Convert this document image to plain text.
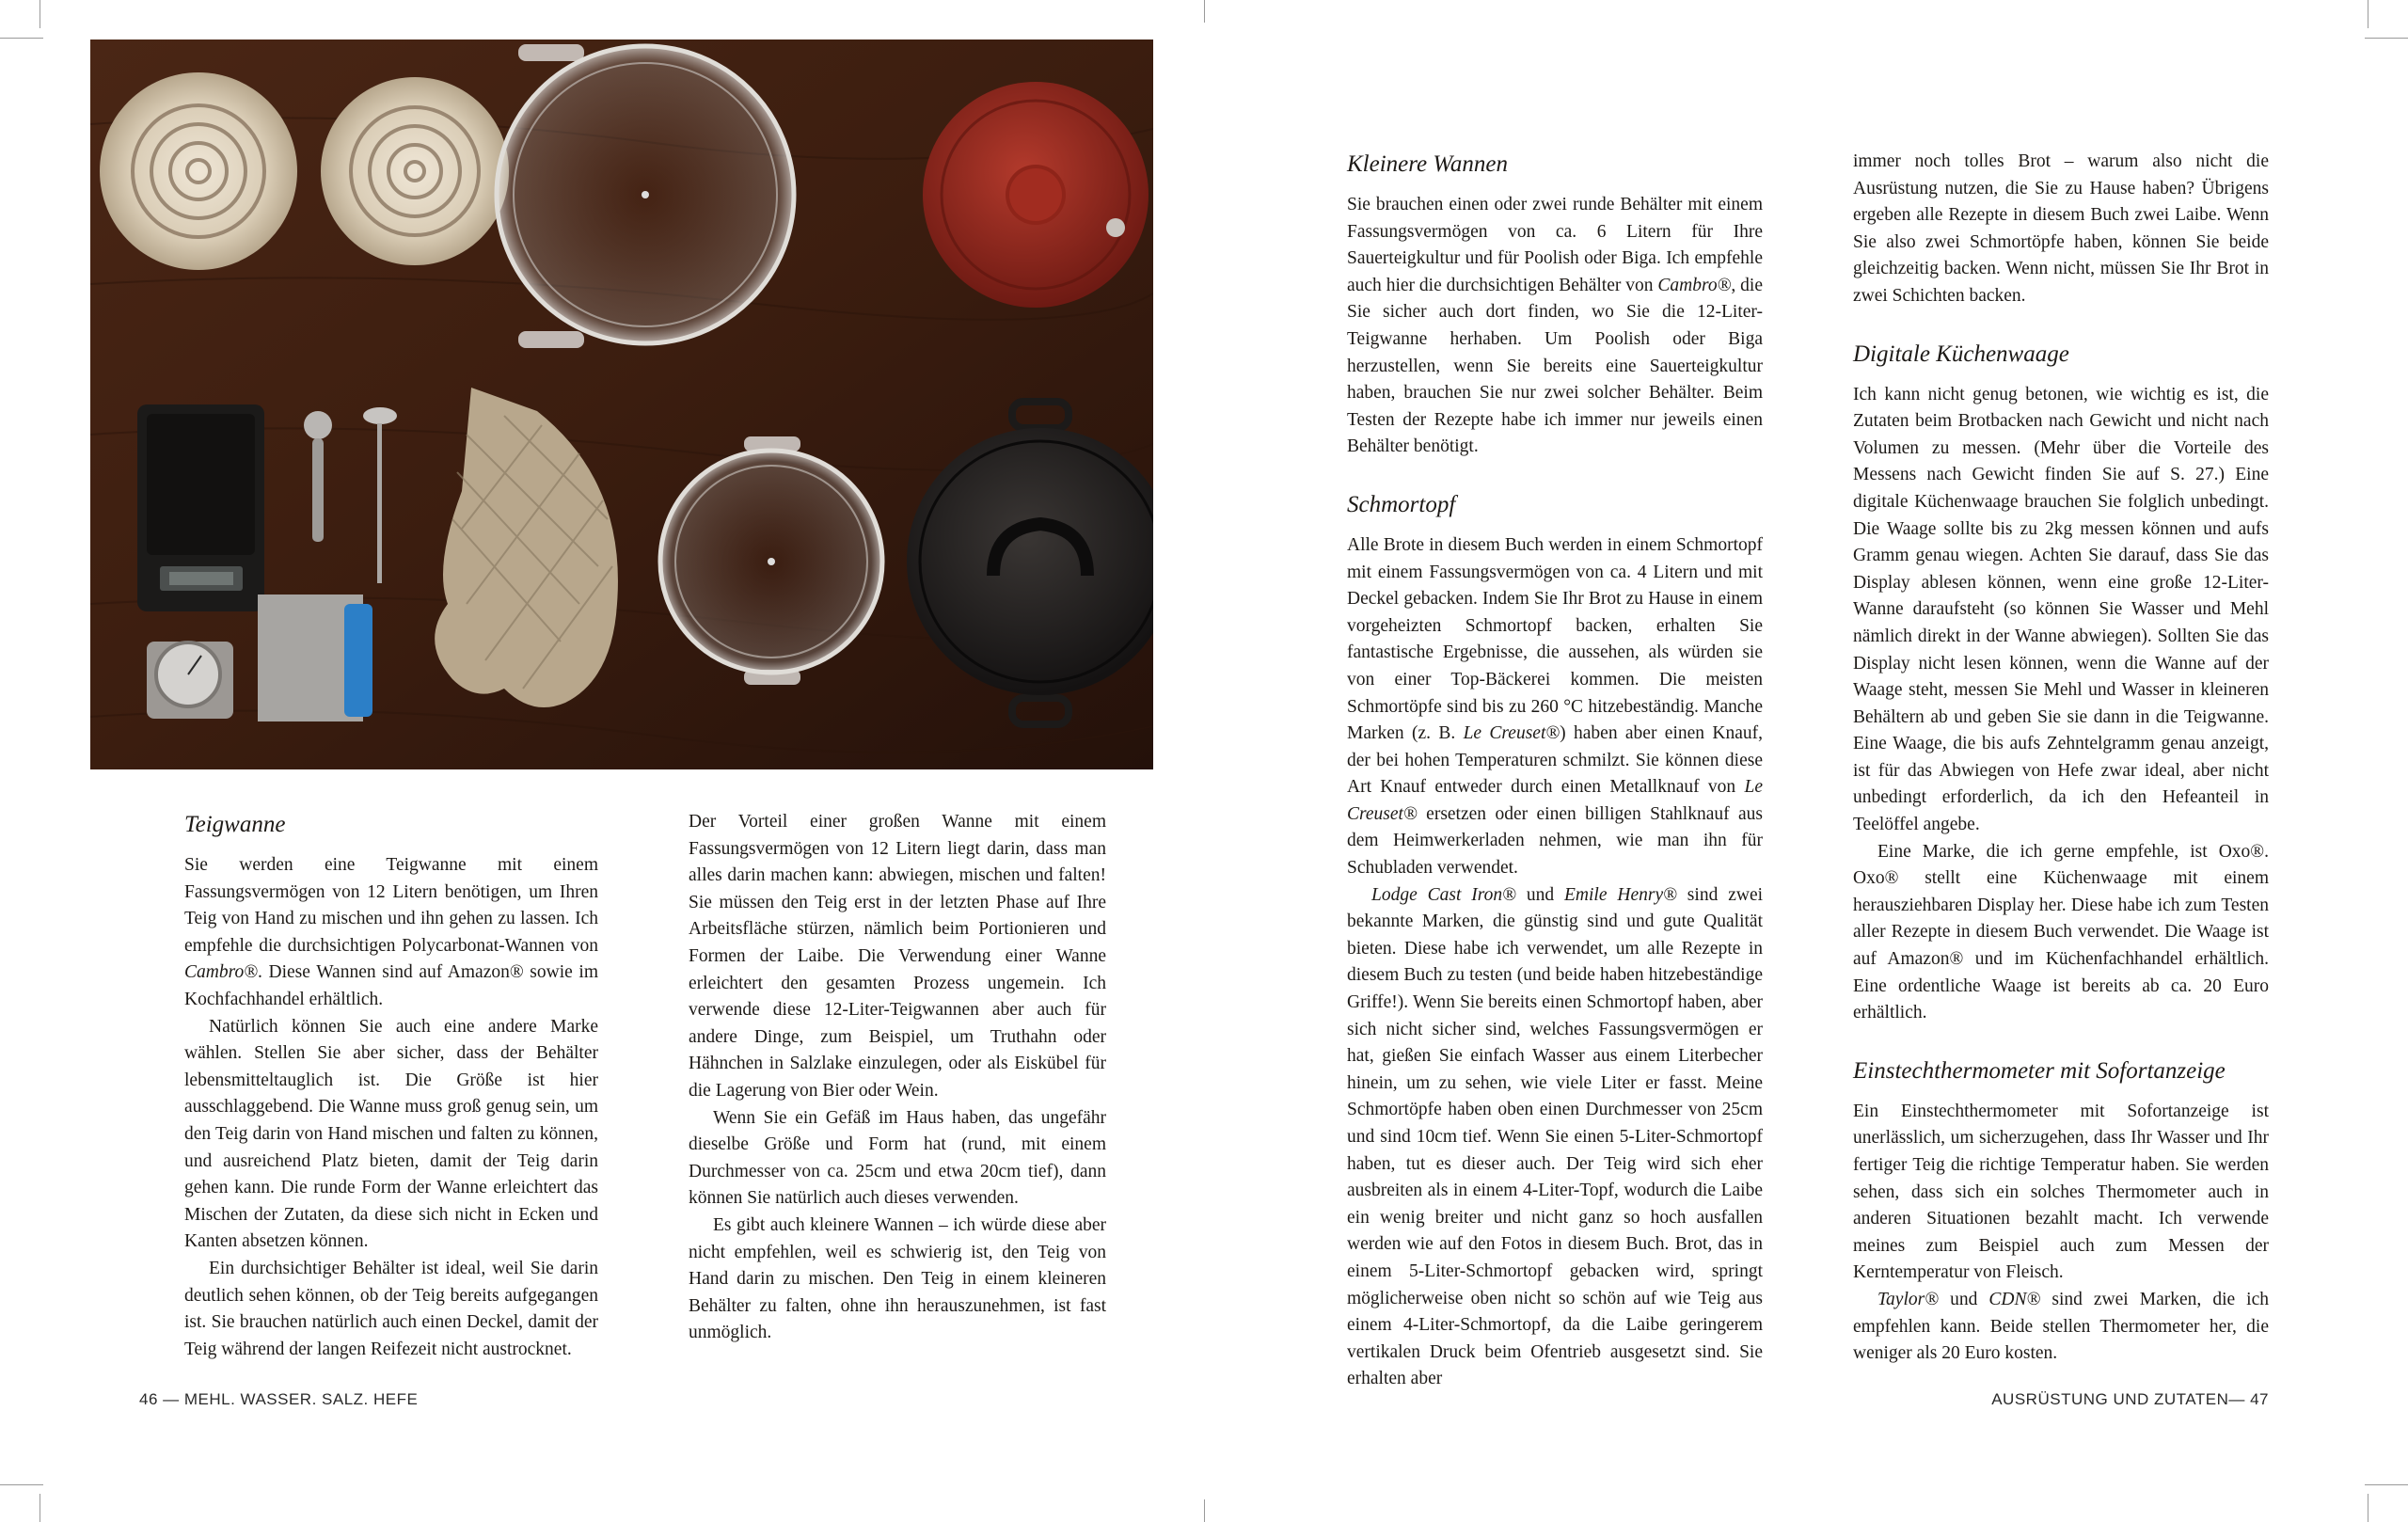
Teigwanne

Sie werden eine Teigwanne mit einem Fassungsvermögen von 12 Litern benötigen, um Ihren Teig von Hand zu mischen und ihn gehen zu lassen. Ich empfehle die durchsichtigen Polycarbonat-Wannen von Cambro®. Diese Wannen sind auf Amazon® sowie im Kochfachhandel erhältlich.

Natürlich können Sie auch eine andere Marke wählen. Stellen Sie aber sicher, dass der Behälter lebensmitteltauglich ist. Die Größe ist hier ausschlaggebend. Die Wanne muss groß genug sein, um den Teig darin von Hand mischen und falten zu können, und ausreichend Platz bieten, damit der Teig darin gehen kann. Die runde Form der Wanne erleichtert das Mischen der Zutaten, da diese sich nicht in Ecken und Kanten absetzen können.

Ein durchsichtiger Behälter ist ideal, weil Sie darin deutlich sehen können, ob der Teig bereits aufgegangen ist. Sie brauchen natürlich auch einen Deckel, damit der Teig während der langen Reifezeit nicht austrocknet.

Der Vorteil einer großen Wanne mit einem Fassungsvermögen von 12 Litern liegt darin, dass man alles darin machen kann: abwiegen, mischen und falten! Sie müssen den Teig erst in der letzten Phase auf Ihre Arbeitsfläche stürzen, nämlich beim Portionieren und Formen der Laibe. Die Verwendung einer Wanne erleichtert den gesamten Prozess ungemein. Ich verwende diese 12-Liter-Teigwannen aber auch für andere Dinge, zum Beispiel, um Truthahn oder Hähnchen in Salzlake einzulegen, oder als Eiskübel für die Lagerung von Bier oder Wein.

Wenn Sie ein Gefäß im Haus haben, das ungefähr dieselbe Größe und Form hat (rund, mit einem Durchmesser von ca. 25cm und etwa 20cm tief), dann können Sie natürlich auch dieses verwenden.

Es gibt auch kleinere Wannen – ich würde diese aber nicht empfehlen, weil es schwierig ist, den Teig von Hand darin zu mischen. Den Teig in einem kleineren Behälter zu falten, ohne ihn herauszunehmen, ist fast unmöglich.

Kleinere Wannen

Sie brauchen einen oder zwei runde Behälter mit einem Fassungsvermögen von ca. 6 Litern für Ihre Sauerteigkultur und für Poolish oder Biga. Ich empfehle auch hier die durchsichtigen Behälter von Cambro®, die Sie sicher auch dort finden, wo Sie die 12-Liter-Teigwanne herhaben. Um Poolish oder Biga herzustellen, wenn Sie bereits eine Sauerteigkultur haben, brauchen Sie nur zwei solcher Behälter. Beim Testen der Rezepte habe ich immer nur jeweils einen Behälter benötigt.

Schmortopf

Alle Brote in diesem Buch werden in einem Schmortopf mit einem Fassungsvermögen von ca. 4 Litern und mit Deckel gebacken. Indem Sie Ihr Brot zu Hause in einem vorgeheizten Schmortopf backen, erhalten Sie fantastische Ergebnisse, die aussehen, als würden sie von einer Top-Bäckerei kommen. Die meisten Schmortöpfe sind bis zu 260 °C hitzebeständig. Manche Marken (z. B. Le Creuset®) haben aber einen Knauf, der bei hohen Temperaturen schmilzt. Sie können diese Art Knauf entweder durch einen Metallknauf von Le Creuset® ersetzen oder einen billigen Stahlknauf aus dem Heimwerkerladen nehmen, wie man ihn für Schubladen verwendet.

Lodge Cast Iron® und Emile Henry® sind zwei bekannte Marken, die günstig sind und gute Qualität bieten. Diese habe ich verwendet, um alle Rezepte in diesem Buch zu testen (und beide haben hitzebeständige Griffe!). Wenn Sie bereits einen Schmortopf haben, aber sich nicht sicher sind, welches Fassungsvermögen er hat, gießen Sie einfach Wasser aus einem Literbecher hinein, um zu sehen, wie viele Liter er fasst. Meine Schmortöpfe haben oben einen Durchmesser von 25cm und sind 10cm tief. Wenn Sie einen 5-Liter-Schmortopf haben, tut es dieser auch. Der Teig wird sich eher ausbreiten als in einem 4-Liter-Topf, wodurch die Laibe ein wenig breiter und nicht ganz so hoch ausfallen werden wie auf den Fotos in diesem Buch. Brot, das in einem 5-Liter-Schmortopf gebacken wird, springt möglicherweise oben nicht so schön auf wie Teig aus einem 4-Liter-Schmortopf, da die Laibe geringerem vertikalen Druck beim Ofentrieb ausgesetzt sind. Sie erhalten aber

immer noch tolles Brot – warum also nicht die Ausrüstung nutzen, die Sie zu Hause haben? Übrigens ergeben alle Rezepte in diesem Buch zwei Laibe. Wenn Sie also zwei Schmortöpfe haben, können Sie beide gleichzeitig backen. Wenn nicht, müssen Sie Ihr Brot in zwei Schichten backen.

Digitale Küchenwaage

Ich kann nicht genug betonen, wie wichtig es ist, die Zutaten beim Brotbacken nach Gewicht und nicht nach Volumen zu messen. (Mehr über die Vorteile des Messens nach Gewicht finden Sie auf S. 27.) Eine digitale Küchenwaage brauchen Sie folglich unbedingt. Die Waage sollte bis zu 2kg messen können und aufs Gramm genau wiegen. Achten Sie darauf, dass Sie das Display ablesen können, wenn eine große 12-Liter-Wanne daraufsteht (so können Sie Wasser und Mehl nämlich direkt in der Wanne abwiegen). Sollten Sie das Display nicht lesen können, wenn die Wanne auf der Waage steht, messen Sie Mehl und Wasser in kleineren Behältern ab und geben Sie sie dann in die Teigwanne. Eine Waage, die bis aufs Zehntelgramm genau anzeigt, ist für das Abwiegen von Hefe zwar ideal, aber nicht unbedingt erforderlich, da ich den Hefeanteil in Teelöffel angebe.

Eine Marke, die ich gerne empfehle, ist Oxo®. Oxo® stellt eine Küchenwaage mit einem herausziehbaren Display her. Diese habe ich zum Testen aller Rezepte in diesem Buch verwendet. Die Waage ist auf Amazon® und im Küchenfachhandel erhältlich. Eine ordentliche Waage ist bereits ab ca. 20 Euro erhältlich.

Einstechthermometer mit Sofortanzeige

Ein Einstechthermometer mit Sofortanzeige ist unerlässlich, um sicherzugehen, dass Ihr Wasser und Ihr fertiger Teig die richtige Temperatur haben. Sie werden sehen, dass sich ein solches Thermometer auch in anderen Situationen bezahlt macht. Ich verwende meines zum Beispiel auch zum Messen der Kerntemperatur von Fleisch.

Taylor® und CDN® sind zwei Marken, die ich empfehlen kann. Beide stellen Thermometer her, die weniger als 20 Euro kosten.

46 — MEHL. WASSER. SALZ. HEFE	AUSRÜSTUNG UND ZUTATEN— 47
